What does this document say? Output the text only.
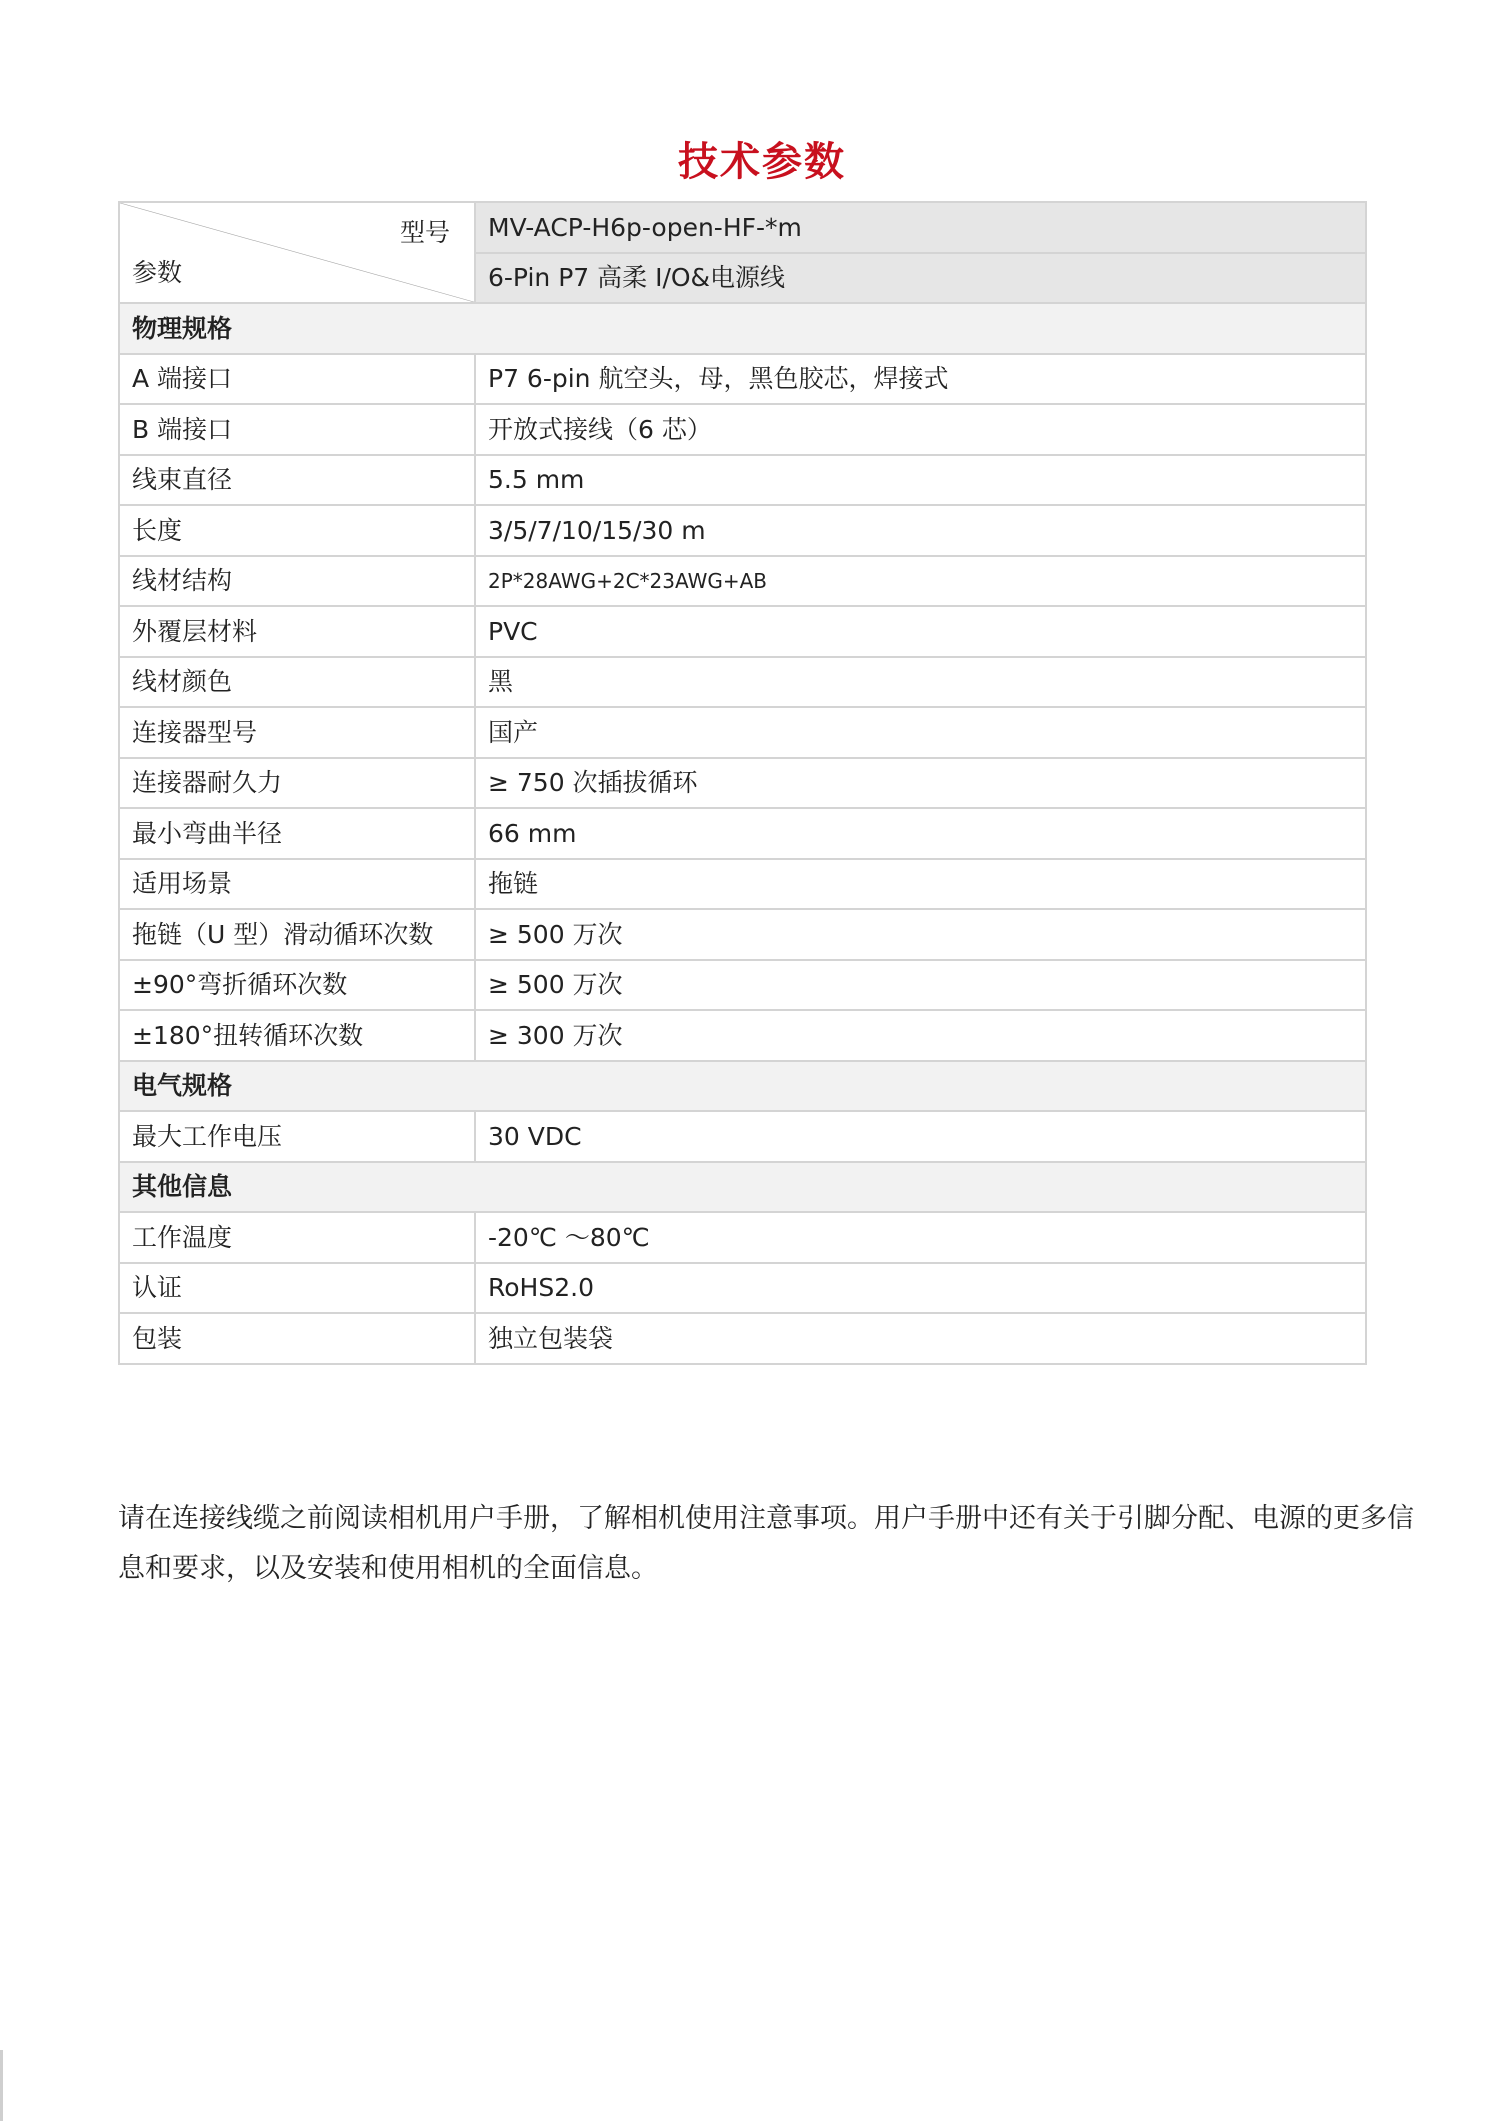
技术参数
型号
参数	MV-ACP-H6p-open-HF-*m
	6-Pin P7 高柔 I/O&电源线
物理规格	
A 端接口	P7 6-pin 航空头，母，黑色胶芯，焊接式
B 端接口	开放式接线（6 芯）
线束直径	5.5 mm
长度	3/5/7/10/15/30 m
线材结构	2P*28AWG+2C*23AWG+AB
外覆层材料	PVC
线材颜色	黑
连接器型号	国产
连接器耐久力	≥ 750 次插拔循环
最小弯曲半径	66 mm
适用场景	拖链
拖链（U 型）滑动循环次数	≥ 500 万次
±90°弯折循环次数	≥ 500 万次
±180°扭转循环次数	≥ 300 万次
电气规格	
最大工作电压	30 VDC
其他信息	
工作温度	-20℃ ～80℃
认证	RoHS2.0
包装	独立包装袋
请在连接线缆之前阅读相机用户手册，了解相机使用注意事项。用户手册中还有关于引脚分配、电源的更多信息和要求，以及安装和使用相机的全面信息。
